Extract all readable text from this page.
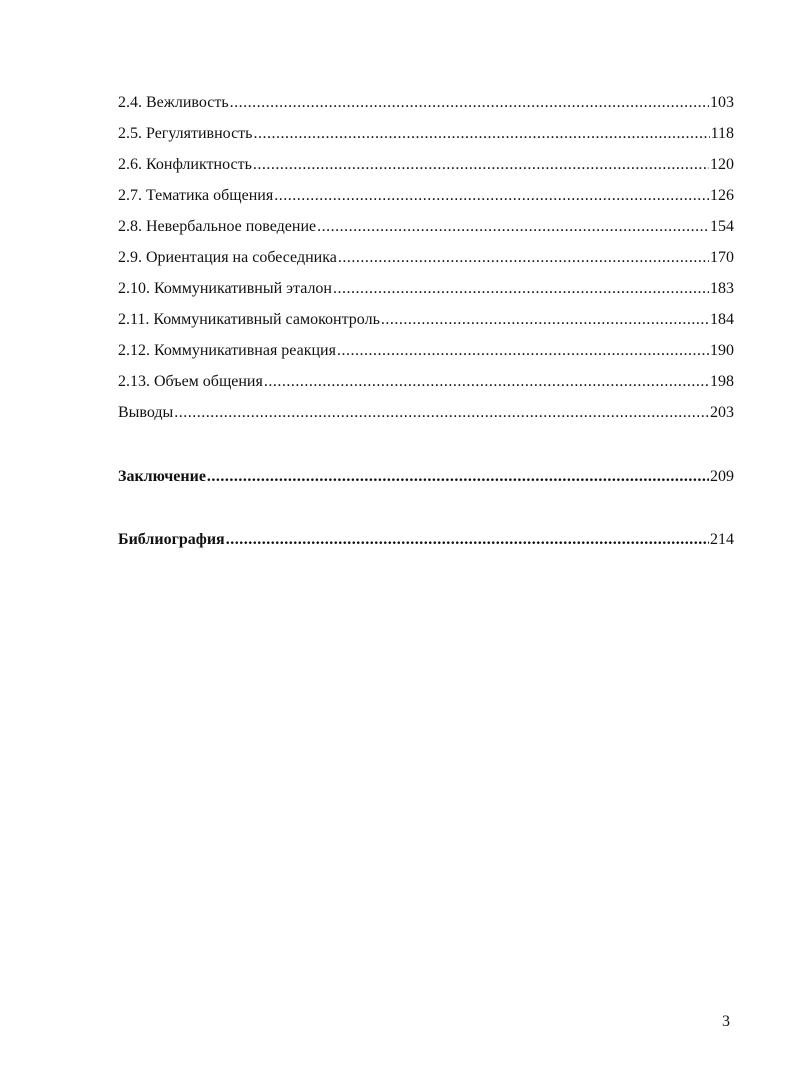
2.4. Вежливость .....	103
2.5. Регулятивность .....	118
2.6. Конфликтность .....	120
2.7. Тематика общения .....	126
2.8. Невербальное поведение .....	154
2.9. Ориентация на собеседника .....	170
2.10. Коммуникативный эталон .....	183
2.11. Коммуникативный самоконтроль .....	184
2.12. Коммуникативная реакция .....	190
2.13. Объем общения .....	198
Выводы .....	203
Заключение .....	209
Библиография .....	214
3
